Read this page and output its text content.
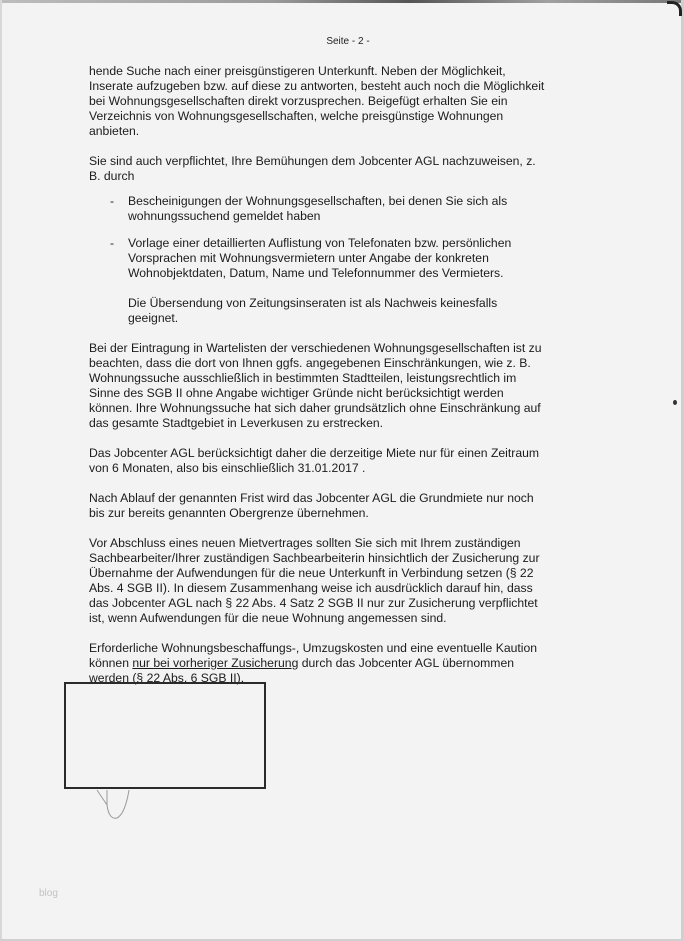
Seite - 2 -

hende Suche nach einer preisgünstigeren Unterkunft. Neben der Möglichkeit, Inserate aufzugeben bzw. auf diese zu antworten, besteht auch noch die Möglichkeit bei Wohnungsgesellschaften direkt vorzusprechen. Beigefügt erhalten Sie ein Verzeichnis von Wohnungsgesellschaften, welche preisgünstige Wohnungen anbieten.

Sie sind auch verpflichtet, Ihre Bemühungen dem Jobcenter AGL nachzuweisen, z. B. durch

- Bescheinigungen der Wohnungsgesellschaften, bei denen Sie sich als wohnungssuchend gemeldet haben
- Vorlage einer detaillierten Auflistung von Telefonaten bzw. persönlichen Vorsprachen mit Wohnungsvermietern unter Angabe der konkreten Wohnobjektdaten, Datum, Name und Telefonnummer des Vermieters.

Die Übersendung von Zeitungsinseraten ist als Nachweis keinesfalls geeignet.

Bei der Eintragung in Wartelisten der verschiedenen Wohnungsgesellschaften ist zu beachten, dass die dort von Ihnen ggfs. angegebenen Einschränkungen, wie z. B. Wohnungssuche ausschließlich in bestimmten Stadtteilen, leistungsrechtlich im Sinne des SGB II ohne Angabe wichtiger Gründe nicht berücksichtigt werden können. Ihre Wohnungssuche hat sich daher grundsätzlich ohne Einschränkung auf das gesamte Stadtgebiet in Leverkusen zu erstrecken.

Das Jobcenter AGL berücksichtigt daher die derzeitige Miete nur für einen Zeitraum von 6 Monaten, also bis einschließlich 31.01.2017 .

Nach Ablauf der genannten Frist wird das Jobcenter AGL die Grundmiete nur noch bis zur bereits genannten Obergrenze übernehmen.

Vor Abschluss eines neuen Mietvertrages sollten Sie sich mit Ihrem zuständigen Sachbearbeiter/Ihrer zuständigen Sachbearbeiterin hinsichtlich der Zusicherung zur Übernahme der Aufwendungen für die neue Unterkunft in Verbindung setzen (§ 22 Abs. 4 SGB II). In diesem Zusammenhang weise ich ausdrücklich darauf hin, dass das Jobcenter AGL nach § 22 Abs. 4 Satz 2 SGB II nur zur Zusicherung verpflichtet ist, wenn Aufwendungen für die neue Wohnung angemessen sind.

Erforderliche Wohnungsbeschaffungs-, Umzugskosten und eine eventuelle Kaution können nur bei vorheriger Zusicherung durch das Jobcenter AGL übernommen werden (§ 22 Abs. 6 SGB II).

blog
